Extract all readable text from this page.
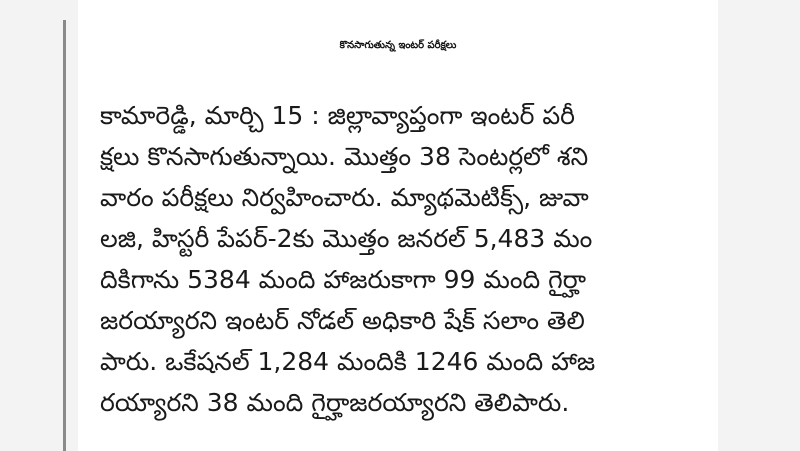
కొనసాగుతున్న ఇంటర్ పరీక్షలు
కామారెడ్డి, మార్చి 15 : జిల్లావ్యాప్తంగా ఇంటర్ పరీ
క్షలు కొనసాగుతున్నాయి. మొత్తం 38 సెంటర్లలో శని
వారం పరీక్షలు నిర్వహించారు. మ్యాథమెటిక్స్, జువా
లజి, హిస్టరీ పేపర్-2కు మొత్తం జనరల్ 5,483 మం
దికిగాను 5384 మంది హాజరుకాగా 99 మంది గైర్హా
జరయ్యారని ఇంటర్ నోడల్ అధికారి షేక్ సలాం తెలి
పారు. ఒకేషనల్ 1,284 మందికి 1246 మంది హాజ
రయ్యారని 38 మంది గైర్హాజరయ్యారని తెలిపారు.
